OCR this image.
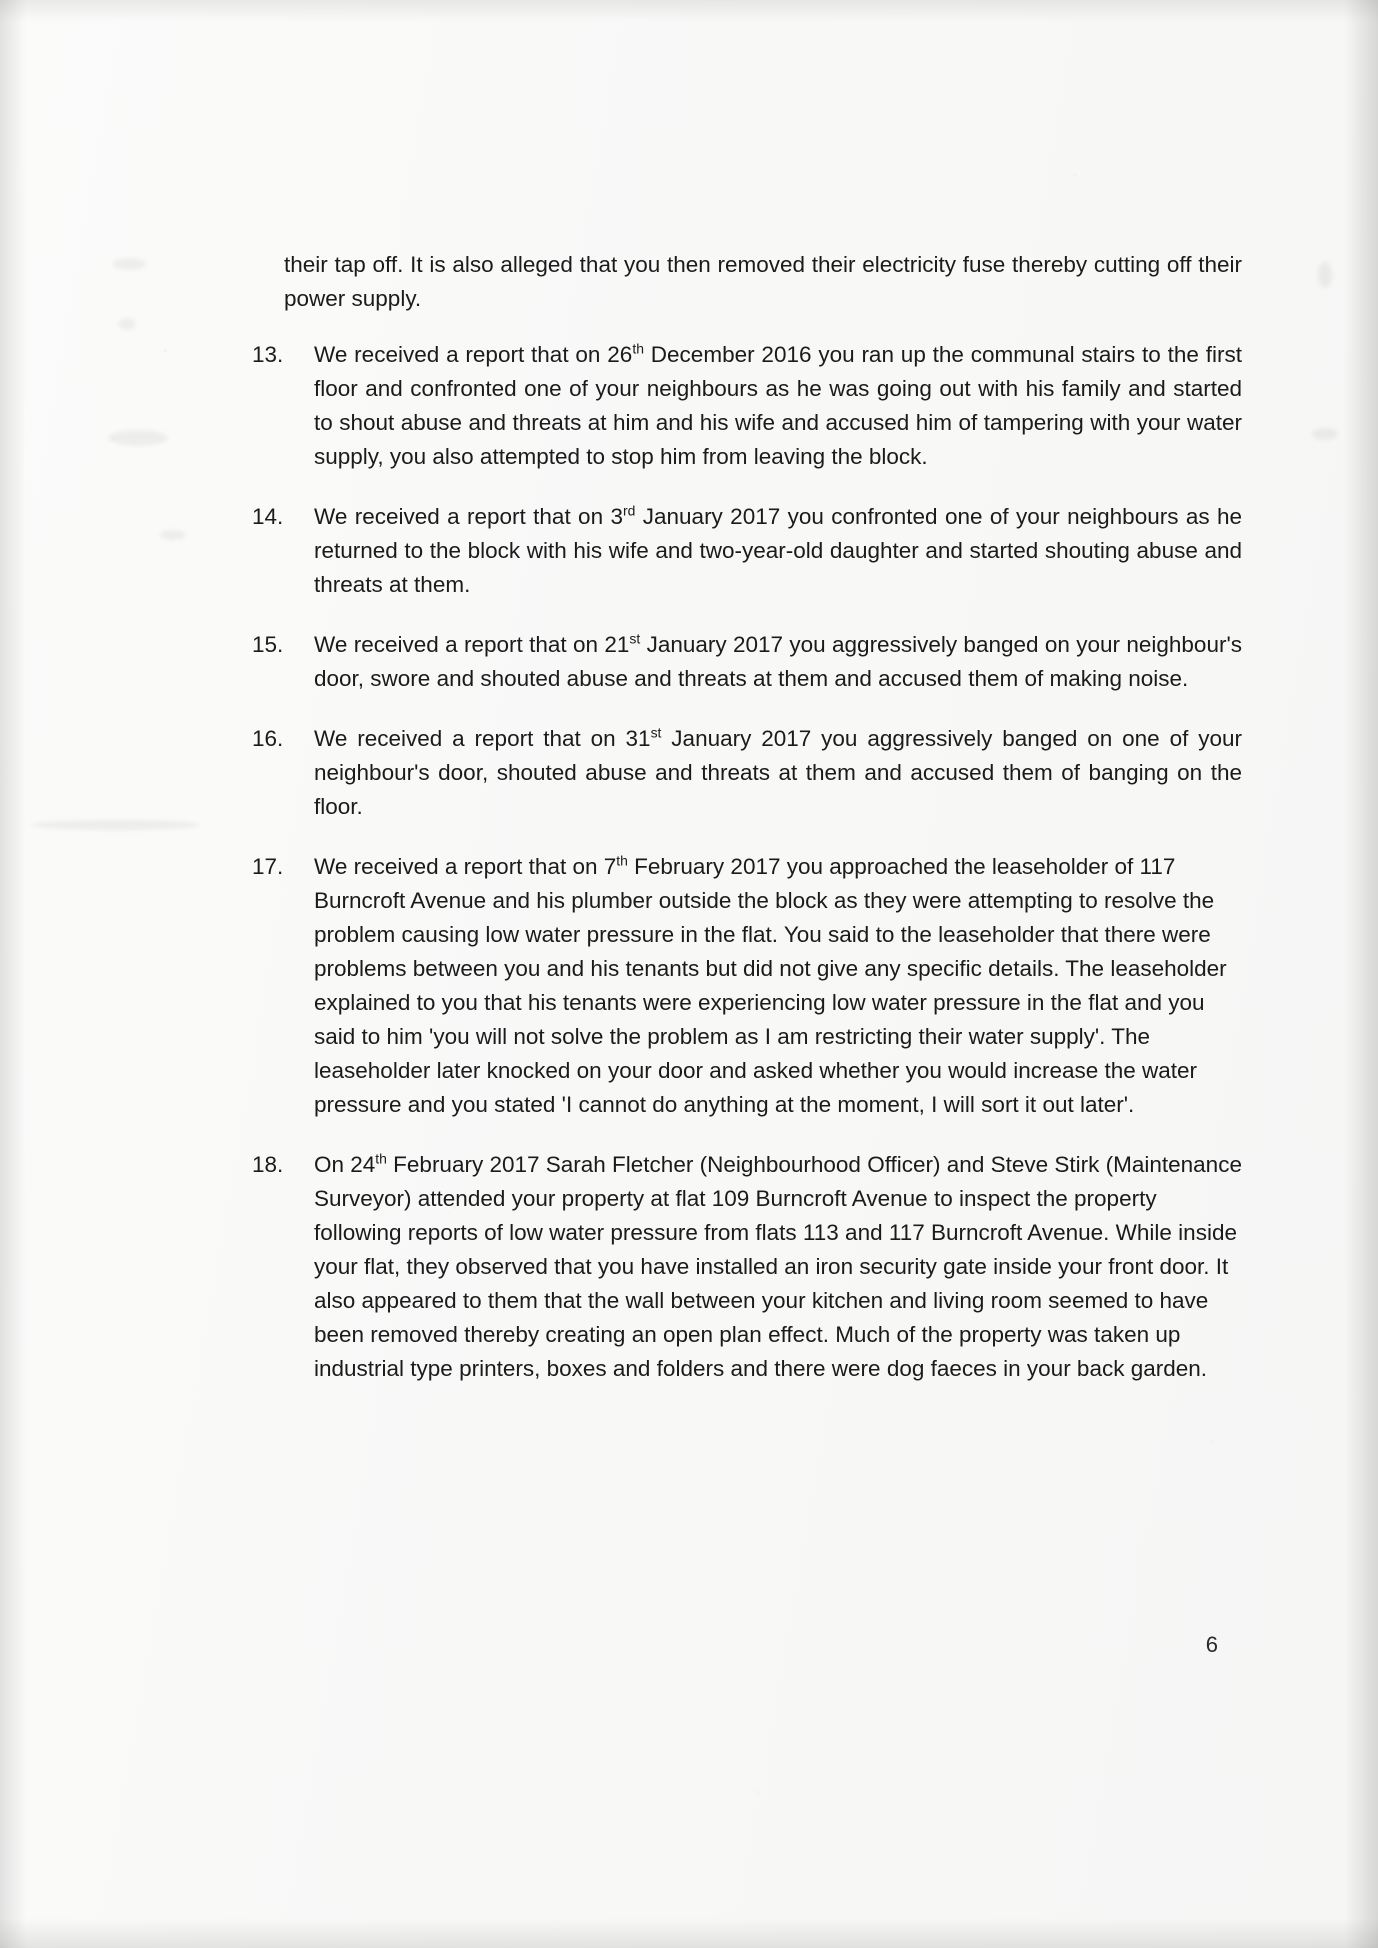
their tap off. It is also alleged that you then removed their electricity fuse thereby cutting off their power supply.

13.	We received a report that on 26th December 2016 you ran up the communal stairs to the first floor and confronted one of your neighbours as he was going out with his family and started to shout abuse and threats at him and his wife and accused him of tampering with your water supply, you also attempted to stop him from leaving the block.
14.	We received a report that on 3rd January 2017 you confronted one of your neighbours as he returned to the block with his wife and two-year-old daughter and started shouting abuse and threats at them.
15.	We received a report that on 21st January 2017 you aggressively banged on your neighbour's door, swore and shouted abuse and threats at them and accused them of making noise.
16.	We received a report that on 31st January 2017 you aggressively banged on one of your neighbour's door, shouted abuse and threats at them and accused them of banging on the floor.
17.	We received a report that on 7th February 2017 you approached the leaseholder of 117 Burncroft Avenue and his plumber outside the block as they were attempting to resolve the problem causing low water pressure in the flat. You said to the leaseholder that there were problems between you and his tenants but did not give any specific details. The leaseholder explained to you that his tenants were experiencing low water pressure in the flat and you said to him 'you will not solve the problem as I am restricting their water supply'. The leaseholder later knocked on your door and asked whether you would increase the water pressure and you stated 'I cannot do anything at the moment, I will sort it out later'.
18.	On 24th February 2017 Sarah Fletcher (Neighbourhood Officer) and Steve Stirk (Maintenance Surveyor) attended your property at flat 109 Burncroft Avenue to inspect the property following reports of low water pressure from flats 113 and 117 Burncroft Avenue. While inside your flat, they observed that you have installed an iron security gate inside your front door. It also appeared to them that the wall between your kitchen and living room seemed to have been removed thereby creating an open plan effect. Much of the property was taken up industrial type printers, boxes and folders and there were dog faeces in your back garden.
6
